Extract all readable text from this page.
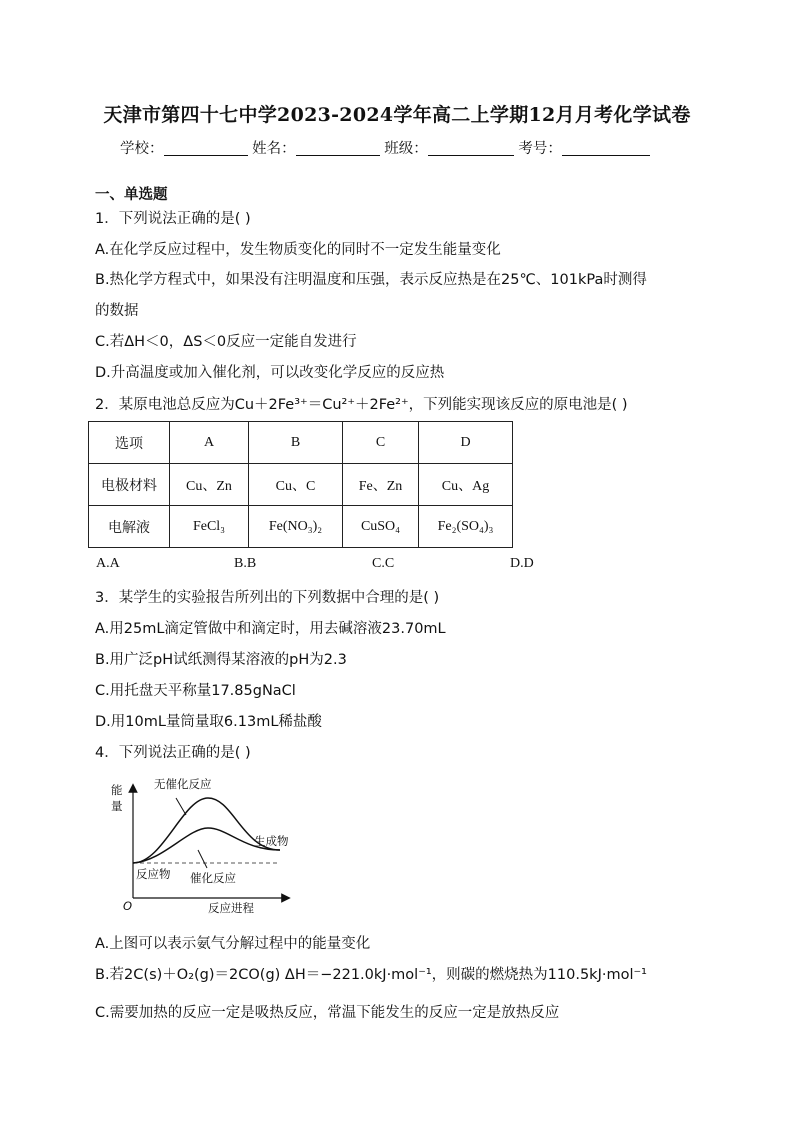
天津市第四十七中学2023-2024学年高二上学期12月月考化学试卷
学校：	姓名：	班级：	考号：
一、单选题
1．下列说法正确的是( )
A.在化学反应过程中，发生物质变化的同时不一定发生能量变化
B.热化学方程式中，如果没有注明温度和压强，表示反应热是在25℃、101kPa时测得
的数据
C.若ΔH＜0，ΔS＜0反应一定能自发进行
D.升高温度或加入催化剂，可以改变化学反应的反应热
2．某原电池总反应为Cu＋2Fe³⁺＝Cu²⁺＋2Fe²⁺，下列能实现该反应的原电池是( )
选项	A	B	C	D
电极材料	Cu、Zn	Cu、C	Fe、Zn	Cu、Ag
电解液	FeCl₃	Fe(NO₃)₂	CuSO₄	Fe₂(SO₄)₃
A.A	B.B	C.C	D.D
3．某学生的实验报告所列出的下列数据中合理的是( )
A.用25mL滴定管做中和滴定时，用去碱溶液23.70mL
B.用广泛pH试纸测得某溶液的pH为2.3
C.用托盘天平称量17.85gNaCl
D.用10mL量筒量取6.13mL稀盐酸
4．下列说法正确的是( )
能
量
O
无催化反应
生成物
反应物 催化反应
反应进程
A.上图可以表示氨气分解过程中的能量变化
B.若2C(s)＋O₂(g)＝2CO(g) ΔH＝−221.0kJ·mol⁻¹，则碳的燃烧热为110.5kJ·mol⁻¹
C.需要加热的反应一定是吸热反应，常温下能发生的反应一定是放热反应
